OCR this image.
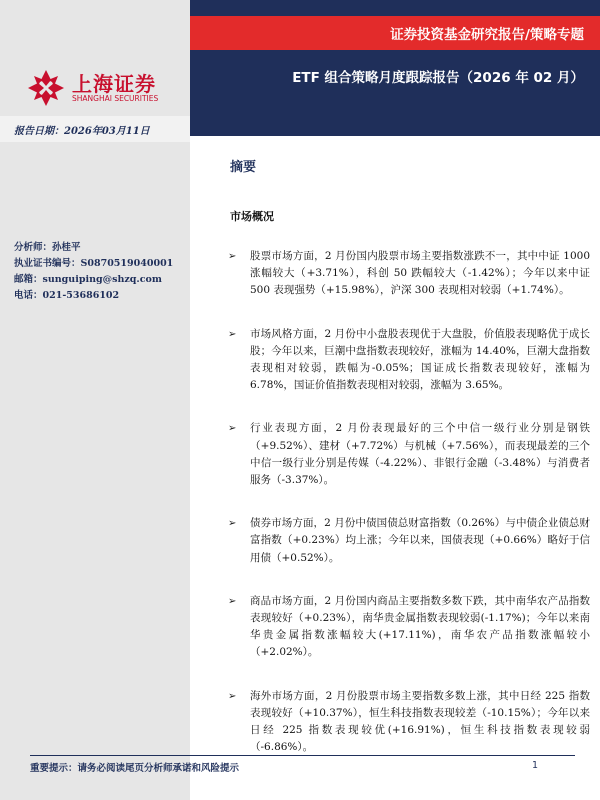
证券投资基金研究报告/策略专题
ETF 组合策略月度跟踪报告（2026 年 02 月）
上海证券
SHANGHAI SECURITIES
报告日期：2026年03月11日
分析师：孙桂平
执业证书编号：S0870519040001
邮箱：sunguiping@shzq.com
电话：021-53686102
摘要
市场概况
➢ 股票市场方面，2 月份国内股票市场主要指数涨跌不一，其中中证 1000 涨幅较大（+3.71%），科创 50 跌幅较大（-1.42%）；今年以来中证 500 表现强势（+15.98%），沪深 300 表现相对较弱（+1.74%）。
➢ 市场风格方面，2 月份中小盘股表现优于大盘股，价值股表现略优于成长股；今年以来，巨潮中盘指数表现较好，涨幅为 14.40%，巨潮大盘指数表现相对较弱，跌幅为-0.05%；国证成长指数表现较好，涨幅为 6.78%，国证价值指数表现相对较弱，涨幅为 3.65%。
➢ 行业表现方面，2 月份表现最好的三个中信一级行业分别是钢铁（+9.52%）、建材（+7.72%）与机械（+7.56%），而表现最差的三个中信一级行业分别是传媒（-4.22%）、非银行金融（-3.48%）与消费者服务（-3.37%）。
➢ 债券市场方面，2 月份中债国债总财富指数（0.26%）与中债企业债总财富指数（+0.23%）均上涨；今年以来，国债表现（+0.66%）略好于信用债（+0.52%）。
➢ 商品市场方面，2 月份国内商品主要指数多数下跌，其中南华农产品指数表现较好（+0.23%），南华贵金属指数表现较弱(-1.17%)；今年以来南华贵金属指数涨幅较大(+17.11%)，南华农产品指数涨幅较小（+2.02%）。
➢ 海外市场方面，2 月份股票市场主要指数多数上涨，其中日经 225 指数表现较好（+10.37%），恒生科技指数表现较差（-10.15%）；今年以来日经 225 指数表现较优(+16.91%)，恒生科技指数表现较弱（-6.86%）。
重要提示：请务必阅读尾页分析师承诺和风险提示	1
